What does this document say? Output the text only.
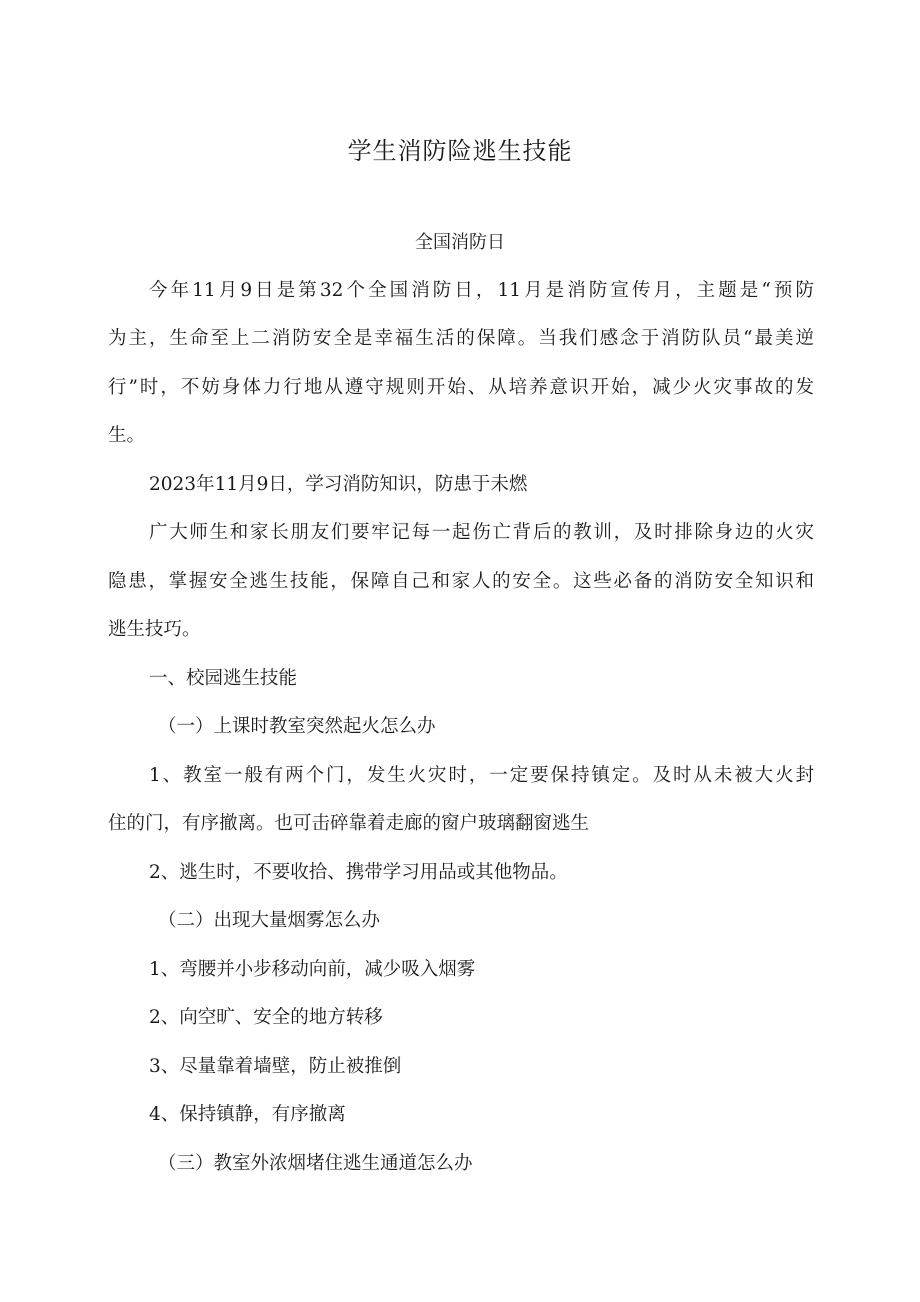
学生消防险逃生技能
全国消防日
今年11月9日是第32个全国消防日，11月是消防宣传月，主题是“预防
为主，生命至上二消防安全是幸福生活的保障。当我们感念于消防队员“最美逆
行”时，不妨身体力行地从遵守规则开始、从培养意识开始，减少火灾事故的发
生。
2023年11月9日，学习消防知识，防患于未燃
广大师生和家长朋友们要牢记每一起伤亡背后的教训，及时排除身边的火灾
隐患，掌握安全逃生技能，保障自己和家人的安全。这些必备的消防安全知识和
逃生技巧。
一、校园逃生技能
（一）上课时教室突然起火怎么办
1、教室一般有两个门，发生火灾时，一定要保持镇定。及时从未被大火封
住的门，有序撤离。也可击碎靠着走廊的窗户玻璃翻窗逃生
2、逃生时，不要收拾、携带学习用品或其他物品。
（二）出现大量烟雾怎么办
1、弯腰并小步移动向前，减少吸入烟雾
2、向空旷、安全的地方转移
3、尽量靠着墙壁，防止被推倒
4、保持镇静，有序撤离
（三）教室外浓烟堵住逃生通道怎么办
